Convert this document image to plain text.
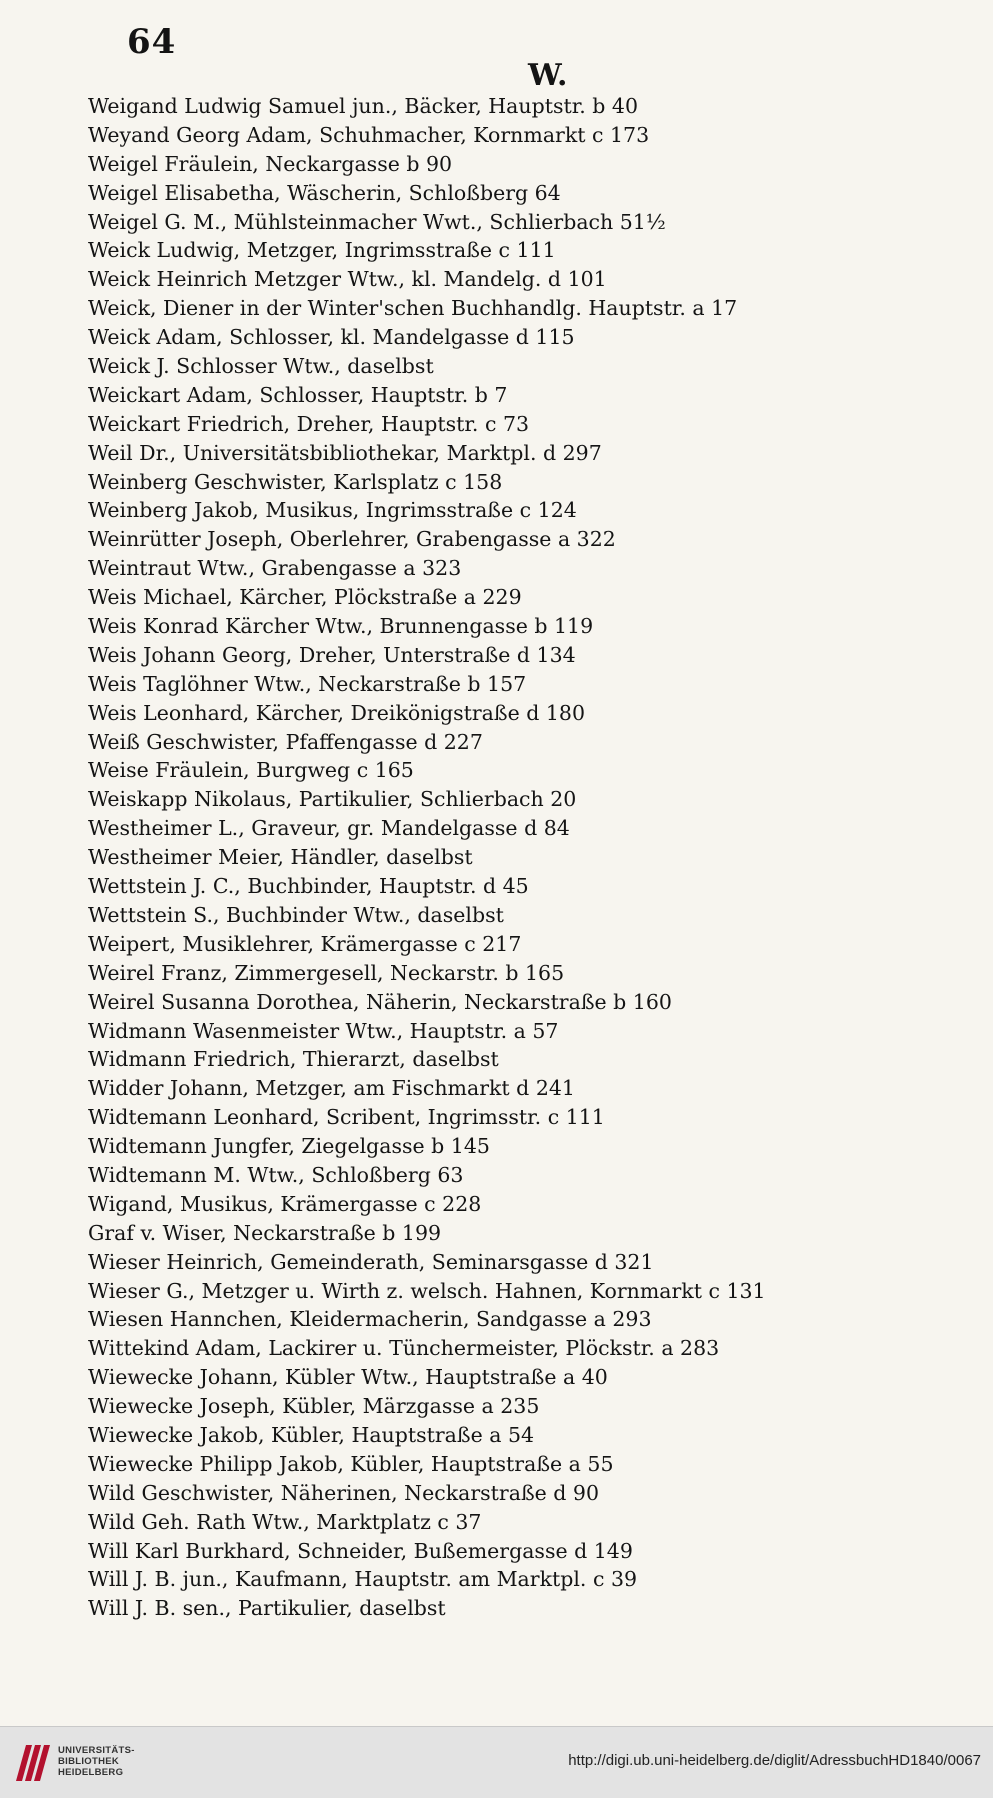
64
W.
Weigand Ludwig Samuel jun., Bäcker, Hauptstr. b 40
Weyand Georg Adam, Schuhmacher, Kornmarkt c 173
Weigel Fräulein, Neckargasse b 90
Weigel Elisabetha, Wäscherin, Schloßberg 64
Weigel G. M., Mühlsteinmacher Wwt., Schlierbach 51½
Weick Ludwig, Metzger, Ingrimsstraße c 111
Weick Heinrich Metzger Wtw., kl. Mandelg. d 101
Weick, Diener in der Winter'schen Buchhandlg. Hauptstr. a 17
Weick Adam, Schlosser, kl. Mandelgasse d 115
Weick J. Schlosser Wtw., daselbst
Weickart Adam, Schlosser, Hauptstr. b 7
Weickart Friedrich, Dreher, Hauptstr. c 73
Weil Dr., Universitätsbibliothekar, Marktpl. d 297
Weinberg Geschwister, Karlsplatz c 158
Weinberg Jakob, Musikus, Ingrimsstraße c 124
Weinrütter Joseph, Oberlehrer, Grabengasse a 322
Weintraut Wtw., Grabengasse a 323
Weis Michael, Kärcher, Plöckstraße a 229
Weis Konrad Kärcher Wtw., Brunnengasse b 119
Weis Johann Georg, Dreher, Unterstraße d 134
Weis Taglöhner Wtw., Neckarstraße b 157
Weis Leonhard, Kärcher, Dreikönigstraße d 180
Weiß Geschwister, Pfaffengasse d 227
Weise Fräulein, Burgweg c 165
Weiskapp Nikolaus, Partikulier, Schlierbach 20
Westheimer L., Graveur, gr. Mandelgasse d 84
Westheimer Meier, Händler, daselbst
Wettstein J. C., Buchbinder, Hauptstr. d 45
Wettstein S., Buchbinder Wtw., daselbst
Weipert, Musiklehrer, Krämergasse c 217
Weirel Franz, Zimmergesell, Neckarstr. b 165
Weirel Susanna Dorothea, Näherin, Neckarstraße b 160
Widmann Wasenmeister Wtw., Hauptstr. a 57
Widmann Friedrich, Thierarzt, daselbst
Widder Johann, Metzger, am Fischmarkt d 241
Widtemann Leonhard, Scribent, Ingrimsstr. c 111
Widtemann Jungfer, Ziegelgasse b 145
Widtemann M. Wtw., Schloßberg 63
Wigand, Musikus, Krämergasse c 228
Graf v. Wiser, Neckarstraße b 199
Wieser Heinrich, Gemeinderath, Seminarsgasse d 321
Wieser G., Metzger u. Wirth z. welsch. Hahnen, Kornmarkt c 131
Wiesen Hannchen, Kleidermacherin, Sandgasse a 293
Wittekind Adam, Lackirer u. Tünchermeister, Plöckstr. a 283
Wiewecke Johann, Kübler Wtw., Hauptstraße a 40
Wiewecke Joseph, Kübler, Märzgasse a 235
Wiewecke Jakob, Kübler, Hauptstraße a 54
Wiewecke Philipp Jakob, Kübler, Hauptstraße a 55
Wild Geschwister, Näherinen, Neckarstraße d 90
Wild Geh. Rath Wtw., Marktplatz c 37
Will Karl Burkhard, Schneider, Bußemergasse d 149
Will J. B. jun., Kaufmann, Hauptstr. am Marktpl. c 39
Will J. B. sen., Partikulier, daselbst
UNIVERSITÄTS-
BIBLIOTHEK
HEIDELBERG
http://digi.ub.uni-heidelberg.de/diglit/AdressbuchHD1840/0067
